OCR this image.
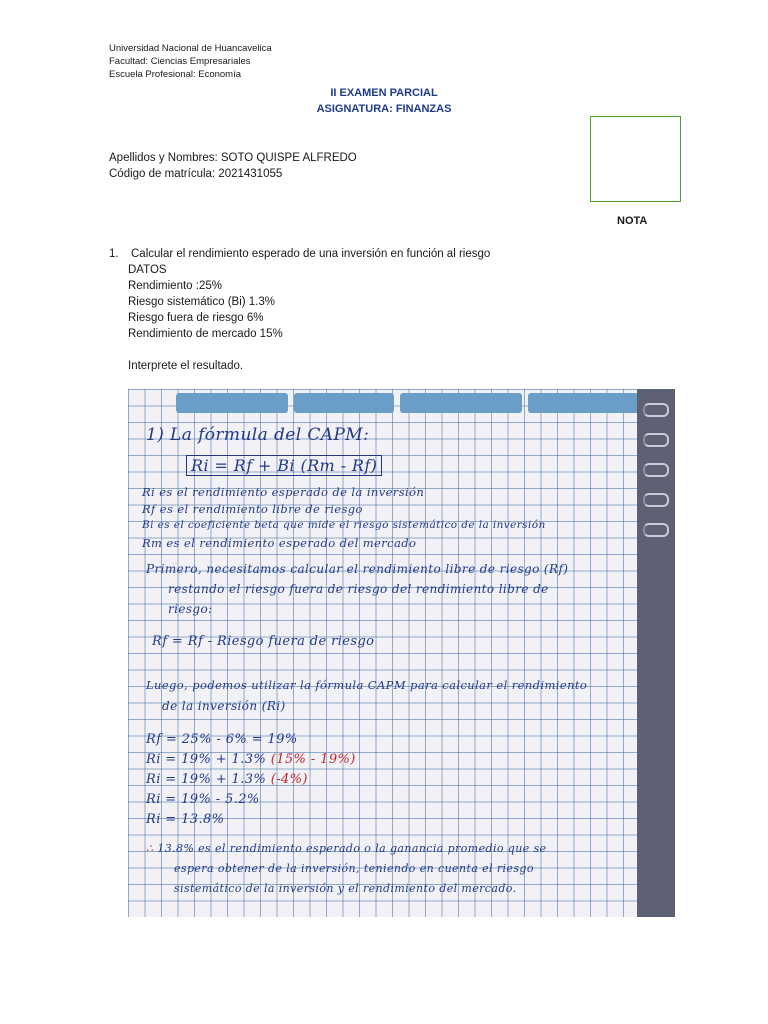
Universidad Nacional de Huancavelica
Facultad: Ciencias Empresariales
Escuela Profesional: Economía
II EXAMEN PARCIAL
ASIGNATURA: FINANZAS
Apellidos y Nombres: SOTO QUISPE ALFREDO
Código de matrícula: 2021431055
NOTA
1. Calcular el rendimiento esperado de una inversión en función al riesgo
DATOS
Rendimiento :25%
Riesgo sistemático (Bi) 1.3%
Riesgo fuera de riesgo 6%
Rendimiento de mercado 15%
Interprete el resultado.
1) La fórmula del CAPM:
Ri = Rf + Bi (Rm - Rf)
Ri es el rendimiento esperado de la inversión
Rf es el rendimiento libre de riesgo
Bi es el coeficiente beta que mide el riesgo sistemático de la inversión
Rm es el rendimiento esperado del mercado
Primero, necesitamos calcular el rendimiento libre de riesgo (Rf)
restando el riesgo fuera de riesgo del rendimiento libre de
riesgo:
Rf = Rf - Riesgo fuera de riesgo
Luego, podemos utilizar la fórmula CAPM para calcular el rendimiento
de la inversión (Ri)
Rf = 25% - 6% = 19%
Ri = 19% + 1.3% (15% - 19%)
Ri = 19% + 1.3% (-4%)
Ri = 19% - 5.2%
Ri = 13.8%
∴ 13.8% es el rendimiento esperado o la ganancia promedio que se
espera obtener de la inversión, teniendo en cuenta el riesgo
sistemático de la inversión y el rendimiento del mercado.
